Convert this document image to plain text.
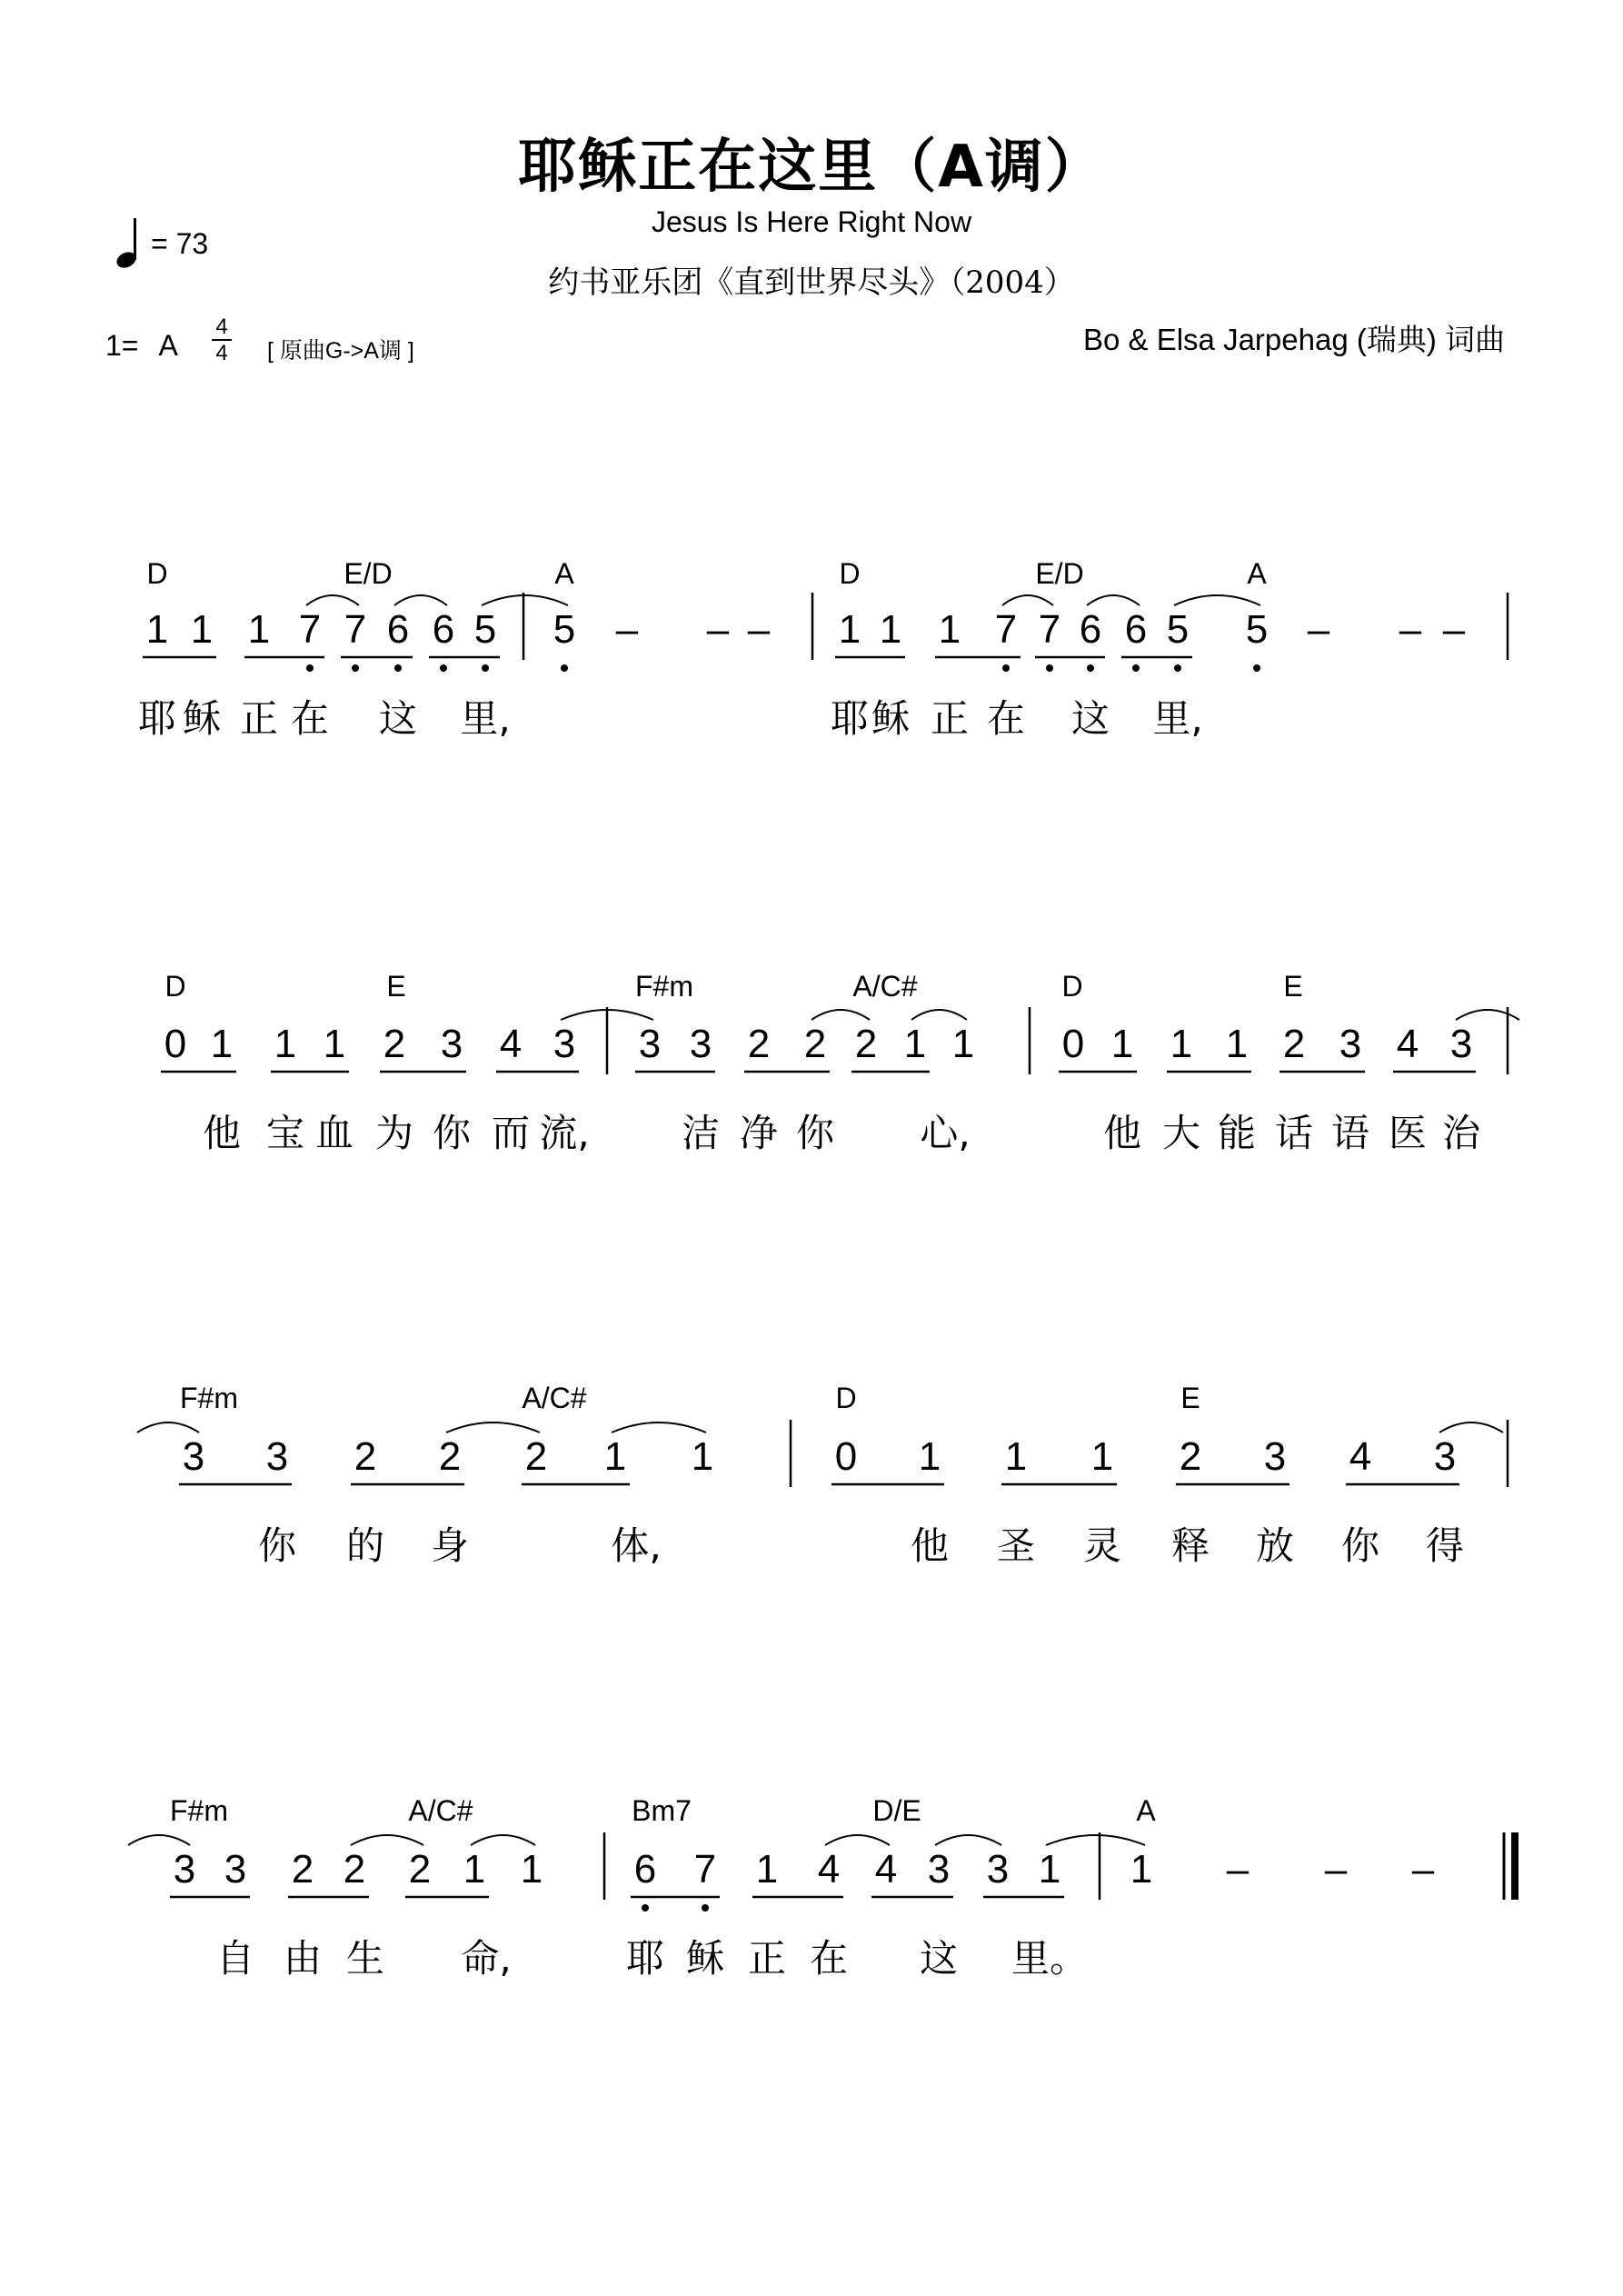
耶稣正在这里（A调）
Jesus Is Here Right Now
约书亚乐团《直到世界尽头》（2004）
= 73
1= A
4
4 [ 原曲G->A调 ]	Bo & Elsa Jarpehag (瑞典) 词曲
D	E/D	A	D	E/D	A
1 1 1 7 7 6 6 5 5 – – – 1 1 1 7 7 6 6 5 5 – – –
耶 稣 正 在 这 里,	耶 稣 正 在 这 里,
D	E	F#m	A/C#	D	E
0 1 1 1 2 3 4 3 3 3 2 2 2 1 1 0 1 1 1 2 3 4 3
他 宝 血 为 你 而 流, 洁 净 你 心,	他 大 能 话 语 医 治
F#m	A/C#	D	E
3 3 2 2 2 1 1	0 1 1 1 2 3 4 3
你 的 身	体,	他 圣 灵 释 放 你 得
F#m	A/C#	Bm7	D/E	A
3 3 2 2 2 1 1 6 7 1 4 4 3 3 1 1 – – –
自 由 生 命,	耶 稣 正 在 这 里。
